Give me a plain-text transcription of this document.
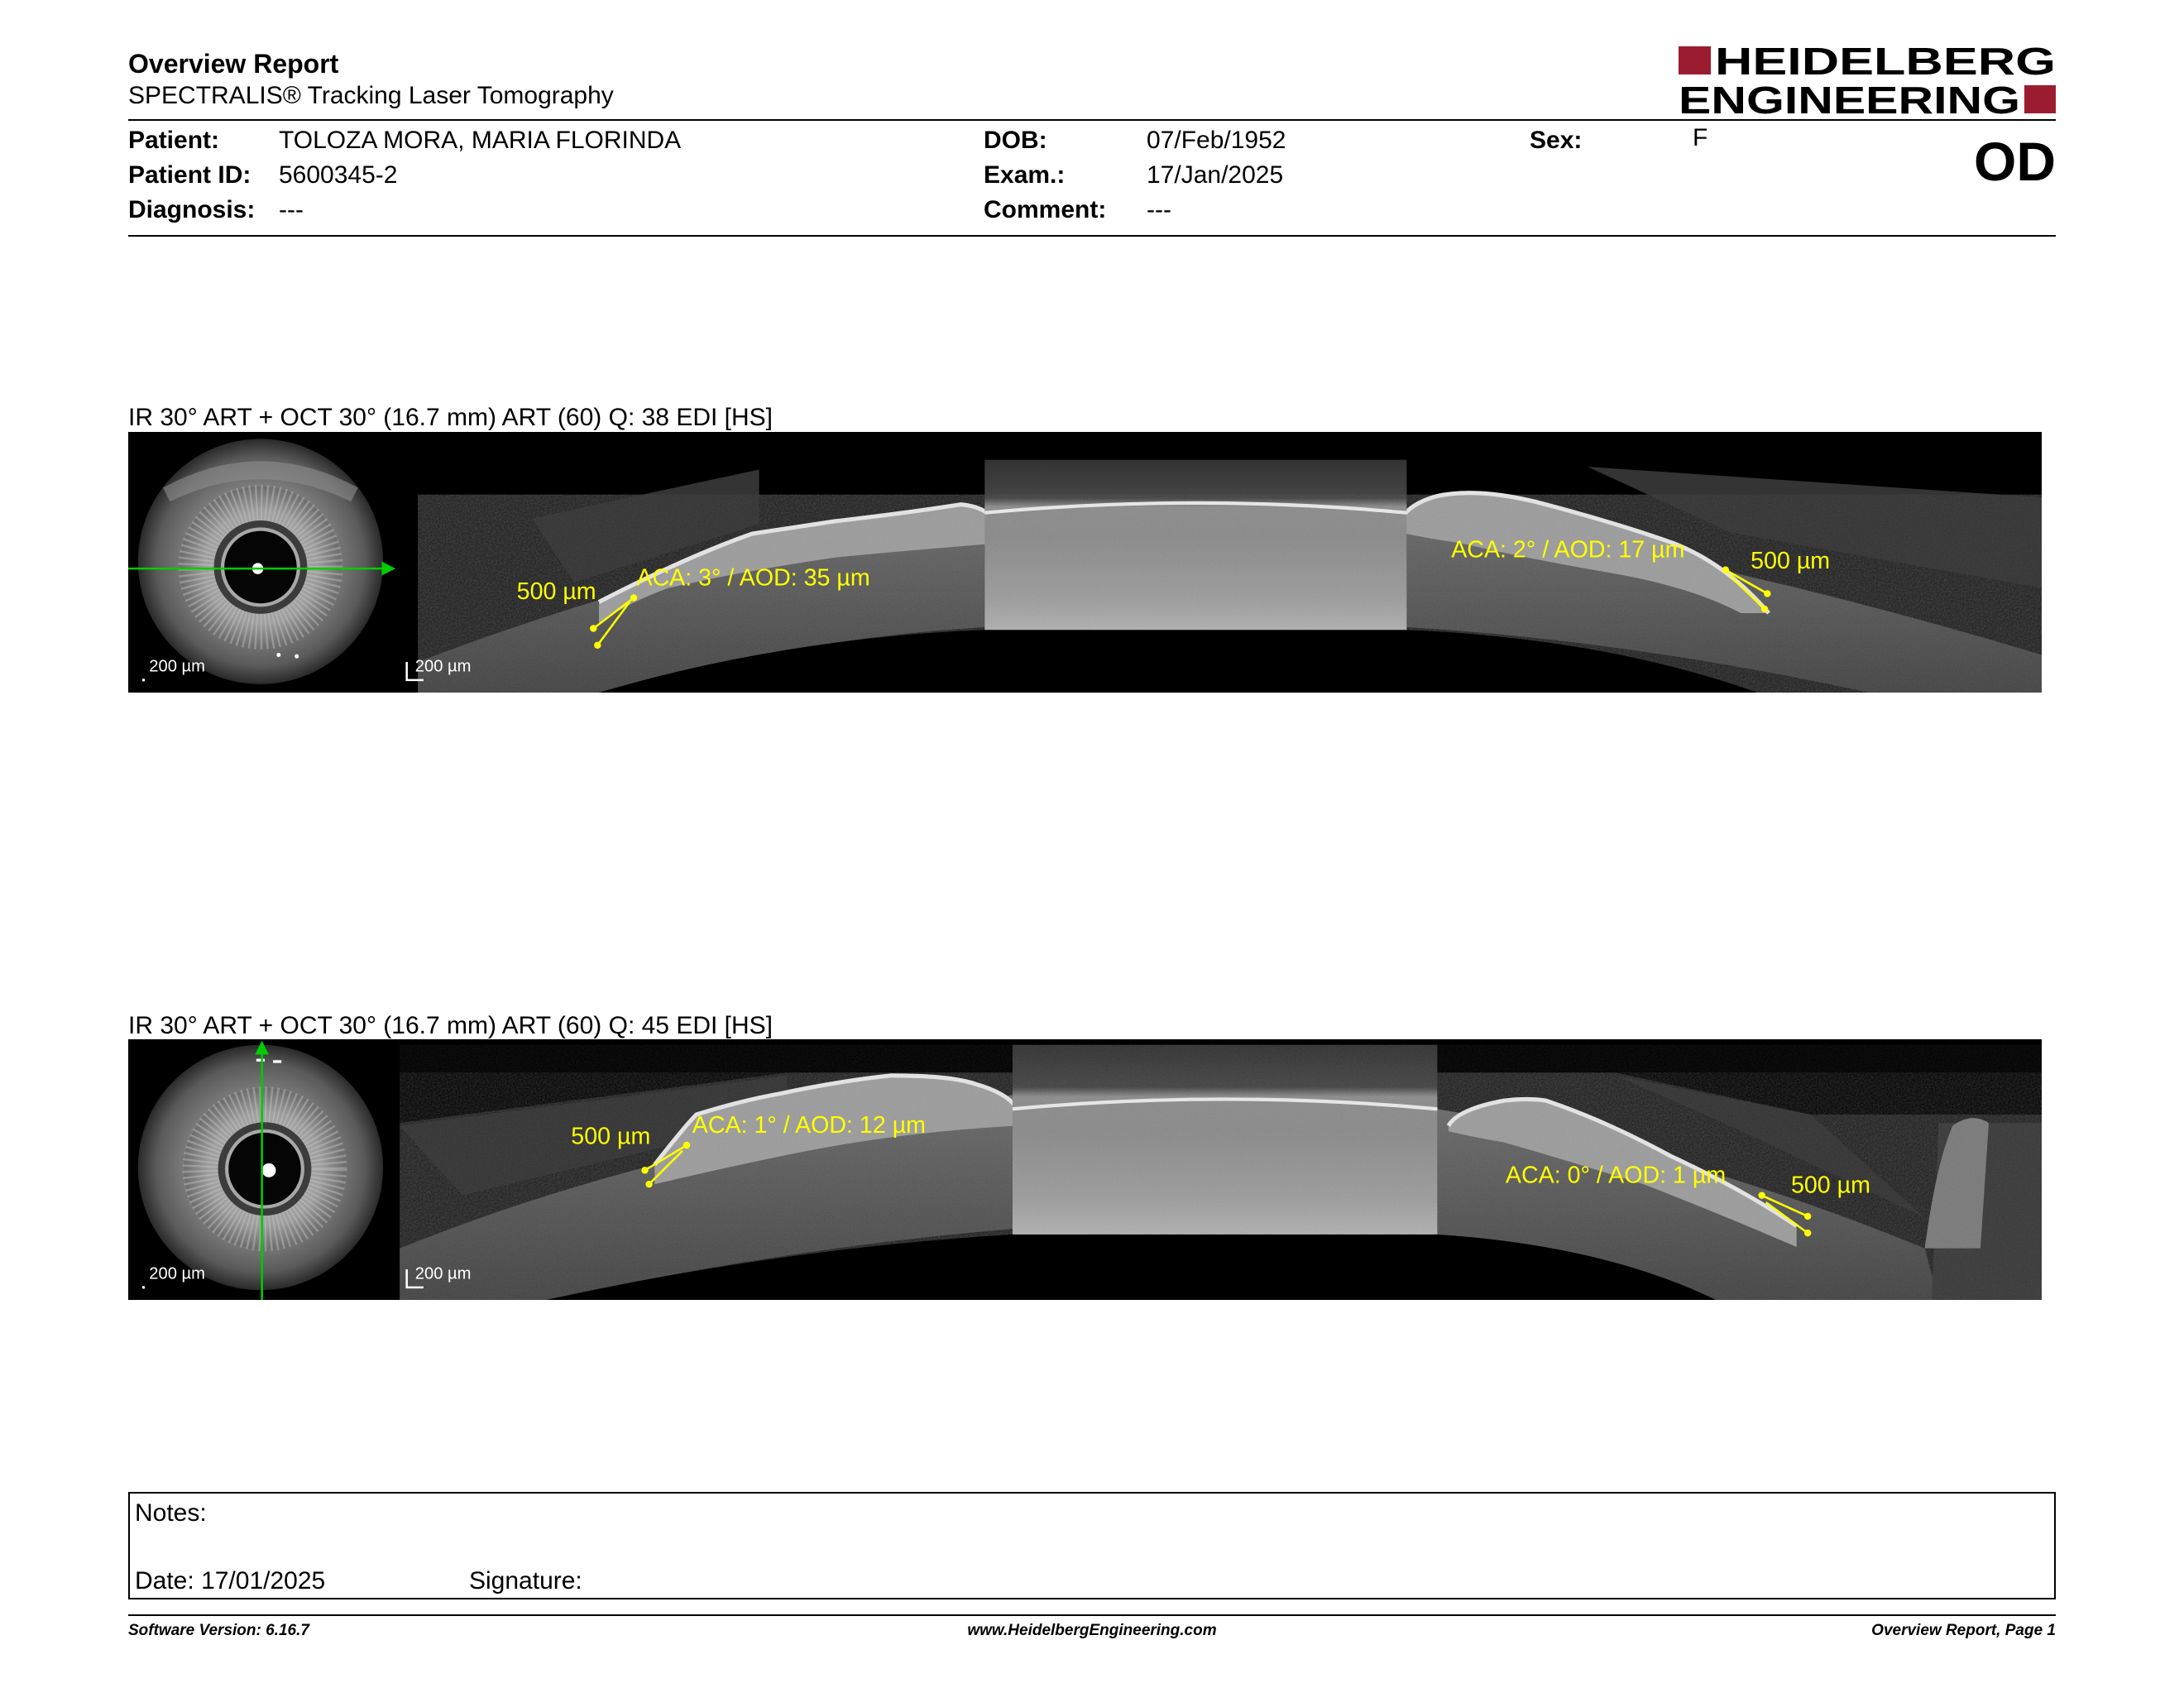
Overview Report
SPECTRALIS® Tracking Laser Tomography
HEIDELBERG
ENGINEERING
Patient: TOLOZA MORA, MARIA FLORINDA	DOB:	07/Feb/1952	Sex:	F
Patient ID: 5600345-2	Exam.:	17/Jan/2025
Diagnosis: ---	Comment: ---
OD
IR 30° ART + OCT 30° (16.7 mm) ART (60) Q: 38 EDI [HS]
200 µm	200 µm
500 µm
ACA: 3° / AOD: 35 µm
ACA: 2° / AOD: 17 µm	500 µm
IR 30° ART + OCT 30° (16.7 mm) ART (60) Q: 45 EDI [HS]
200 µm	200 µm
500 µm	ACA: 1° / AOD: 12 µm
ACA: 0° / AOD: 1 µm	500 µm
Notes:
Date: 17/01/2025	Signature:
Software Version: 6.16.7	www.HeidelbergEngineering.com	Overview Report, Page 1
